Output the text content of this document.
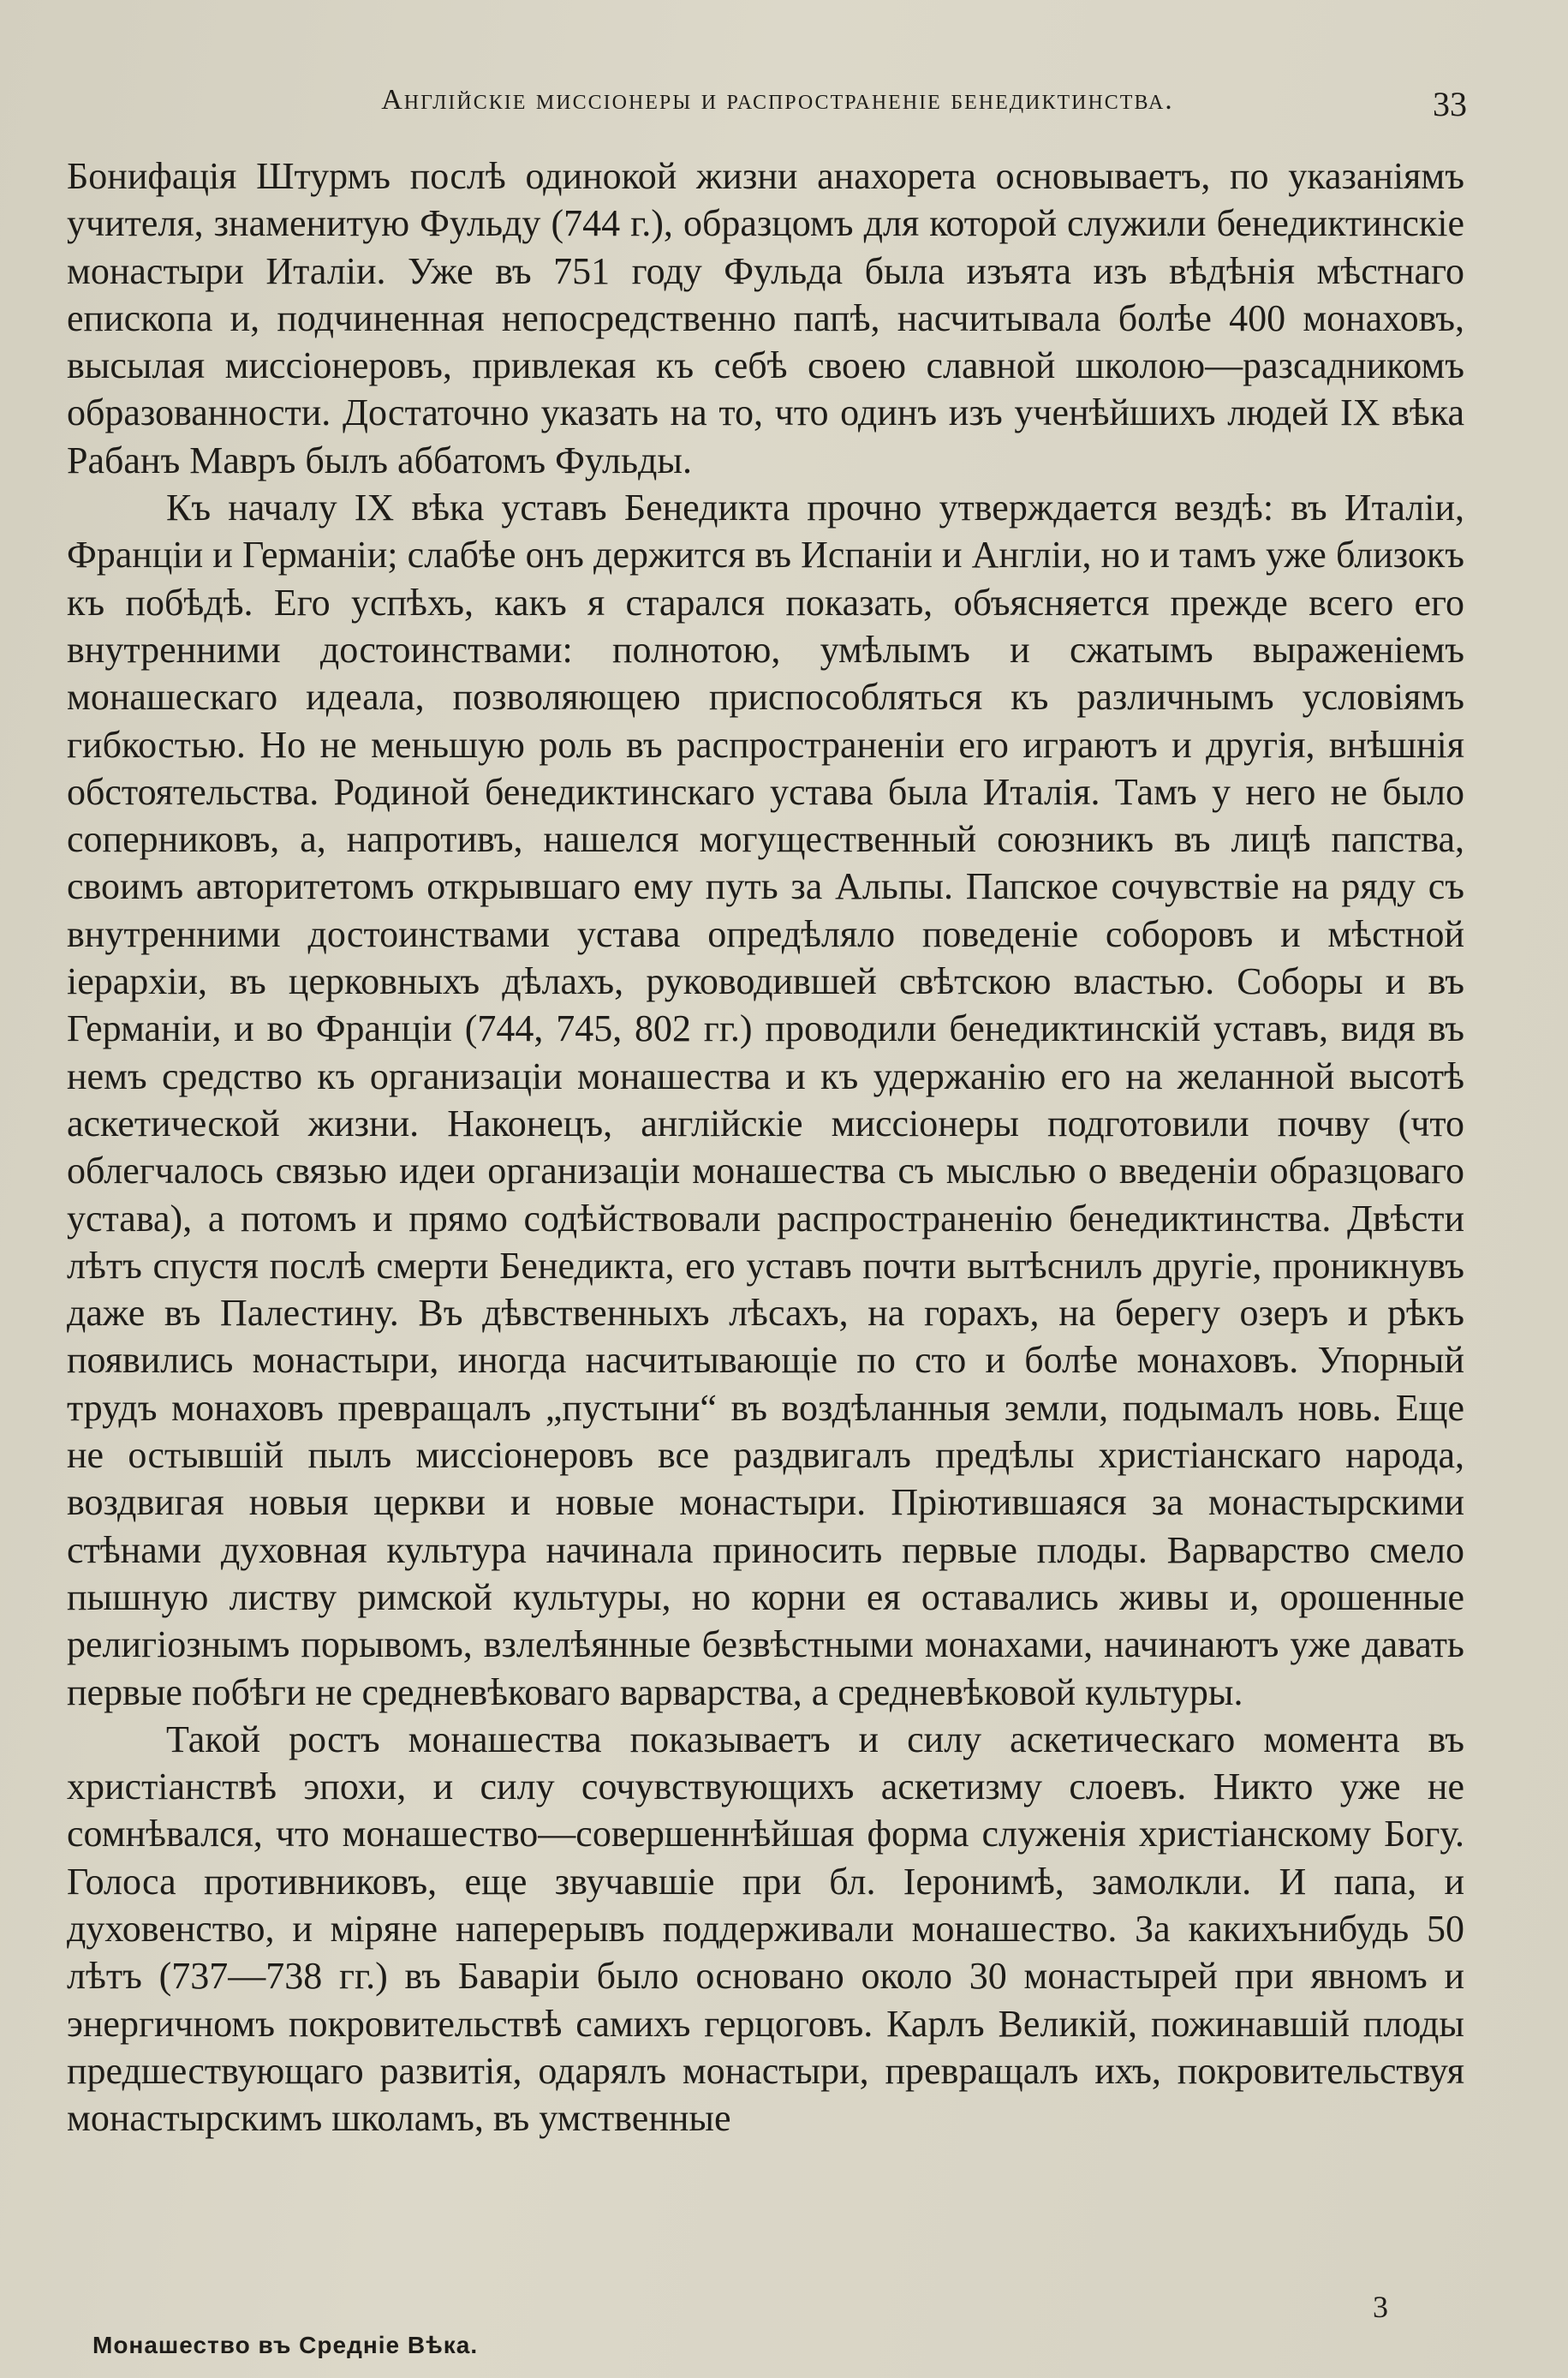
Англійскіе миссіонеры и распространеніе бенедиктинства.	33

Бонифацiя Штурмъ послѣ одинокой жизни анахорета основываетъ, по указанiямъ учителя, знаменитую Фульду (744 г.), образцомъ для которой служили бенедиктинскiе монастыри Италiи. Уже въ 751 году Фульда была изъята изъ вѣдѣнiя мѣстнаго епископа и, подчиненная непосредственно папѣ, насчитывала болѣе 400 монаховъ, высылая миссiонеровъ, привлекая къ себѣ своею славной школою—разсадникомъ образованности. Достаточно указать на то, что одинъ изъ ученѣйшихъ людей IX вѣка Рабанъ Мавръ былъ аббатомъ Фульды.

Къ началу IX вѣка уставъ Бенедикта прочно утверждается вездѣ: въ Италiи, Францiи и Германiи; слабѣе онъ держится въ Испанiи и Англiи, но и тамъ уже близокъ къ побѣдѣ. Его успѣхъ, какъ я старался показать, объясняется прежде всего его внутренними достоинствами: полнотою, умѣлымъ и сжатымъ выраженiемъ монашескаго идеала, позволяющею приспособляться къ различнымъ условiямъ гибкостью. Но не меньшую роль въ распространенiи его играютъ и другiя, внѣшнiя обстоятельства. Родиной бенедиктинскаго устава была Италiя. Тамъ у него не было соперниковъ, а, напротивъ, нашелся могущественный союзникъ въ лицѣ папства, своимъ авторитетомъ открывшаго ему путь за Альпы. Папское сочувствiе на ряду съ внутренними достоинствами устава опредѣляло поведенiе соборовъ и мѣстной iерархiи, въ церковныхъ дѣлахъ, руководившей свѣтскою властью. Соборы и въ Германiи, и во Францiи (744, 745, 802 гг.) проводили бенедиктинскiй уставъ, видя въ немъ средство къ организацiи монашества и къ удержанiю его на желанной высотѣ аскетической жизни. Наконецъ, англiйскiе миссiонеры подготовили почву (что облегчалось связью идеи организацiи монашества съ мыслью о введенiи образцоваго устава), а потомъ и прямо содѣйствовали распространенiю бенедиктинства. Двѣсти лѣтъ спустя послѣ смерти Бенедикта, его уставъ почти вытѣснилъ другiе, проникнувъ даже въ Палестину. Въ дѣвственныхъ лѣсахъ, на горахъ, на берегу озеръ и рѣкъ появились монастыри, иногда насчитывающiе по сто и болѣе монаховъ. Упорный трудъ монаховъ превращалъ „пустыни“ въ воздѣланныя земли, подымалъ новь. Еще не остывшiй пылъ миссiонеровъ все раздвигалъ предѣлы христiанскаго народа, воздвигая новыя церкви и новые монастыри. Прiютившаяся за монастырскими стѣнами духовная культура начинала приносить первые плоды. Варварство смело пышную листву римской культуры, но корни ея оставались живы и, орошенные религiознымъ порывомъ, взлелѣянные безвѣстными монахами, начинаютъ уже давать первые побѣги не средневѣковаго варварства, а средневѣковой культуры.

Такой ростъ монашества показываетъ и силу аскетическаго момента въ христiанствѣ эпохи, и силу сочувствующихъ аскетизму слоевъ. Никто уже не сомнѣвался, что монашество—совершеннѣйшая форма служенiя христiанскому Богу. Голоса противниковъ, еще звучавшiе при бл. Iеронимѣ, замолкли. И папа, и духовенство, и мiряне наперерывъ поддерживали монашество. За какихънибудь 50 лѣтъ (737—738 гг.) въ Баварiи было основано около 30 монастырей при явномъ и энергичномъ покровительствѣ самихъ герцоговъ. Карлъ Великiй, пожинавшiй плоды предшествующаго развитiя, одарялъ монастыри, превращалъ ихъ, покровительствуя монастырскимъ школамъ, въ умственные

3
Монашество въ Средніе Вѣка.
